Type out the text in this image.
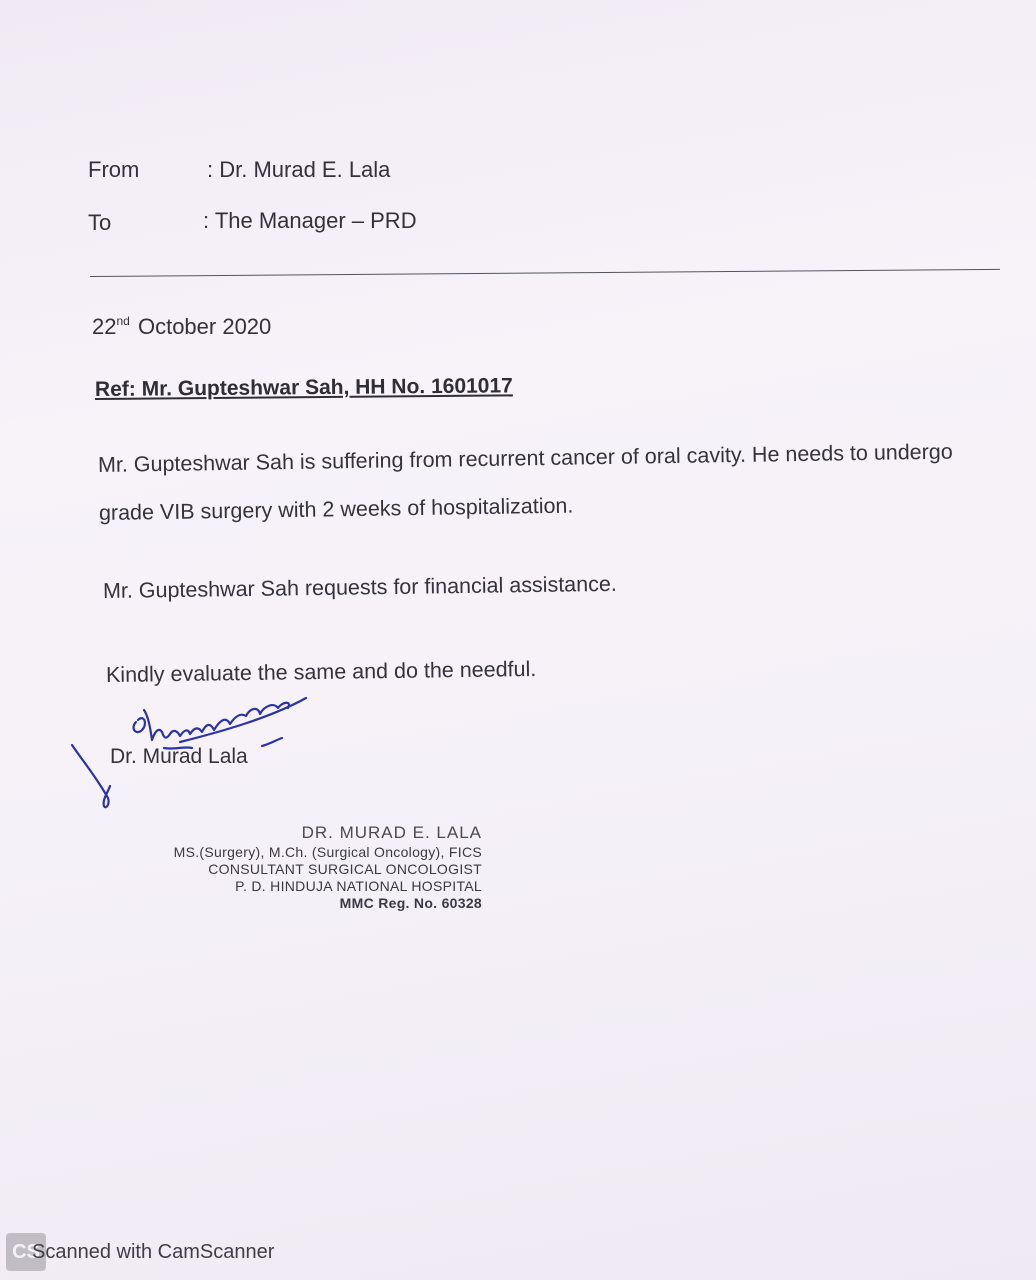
From	: Dr. Murad E. Lala
To	: The Manager – PRD
22nd October 2020
Ref: Mr. Gupteshwar Sah, HH No. 1601017
Mr. Gupteshwar Sah is suffering from recurrent cancer of oral cavity. He needs to undergo
grade VIB surgery with 2 weeks of hospitalization.
Mr. Gupteshwar Sah requests for financial assistance.
Kindly evaluate the same and do the needful.
Dr. Murad Lala
DR. MURAD E. LALA
MS.(Surgery), M.Ch. (Surgical Oncology), FICS
CONSULTANT SURGICAL ONCOLOGIST
P. D. HINDUJA NATIONAL HOSPITAL
MMC Reg. No. 60328
CS
Scanned with CamScanner
